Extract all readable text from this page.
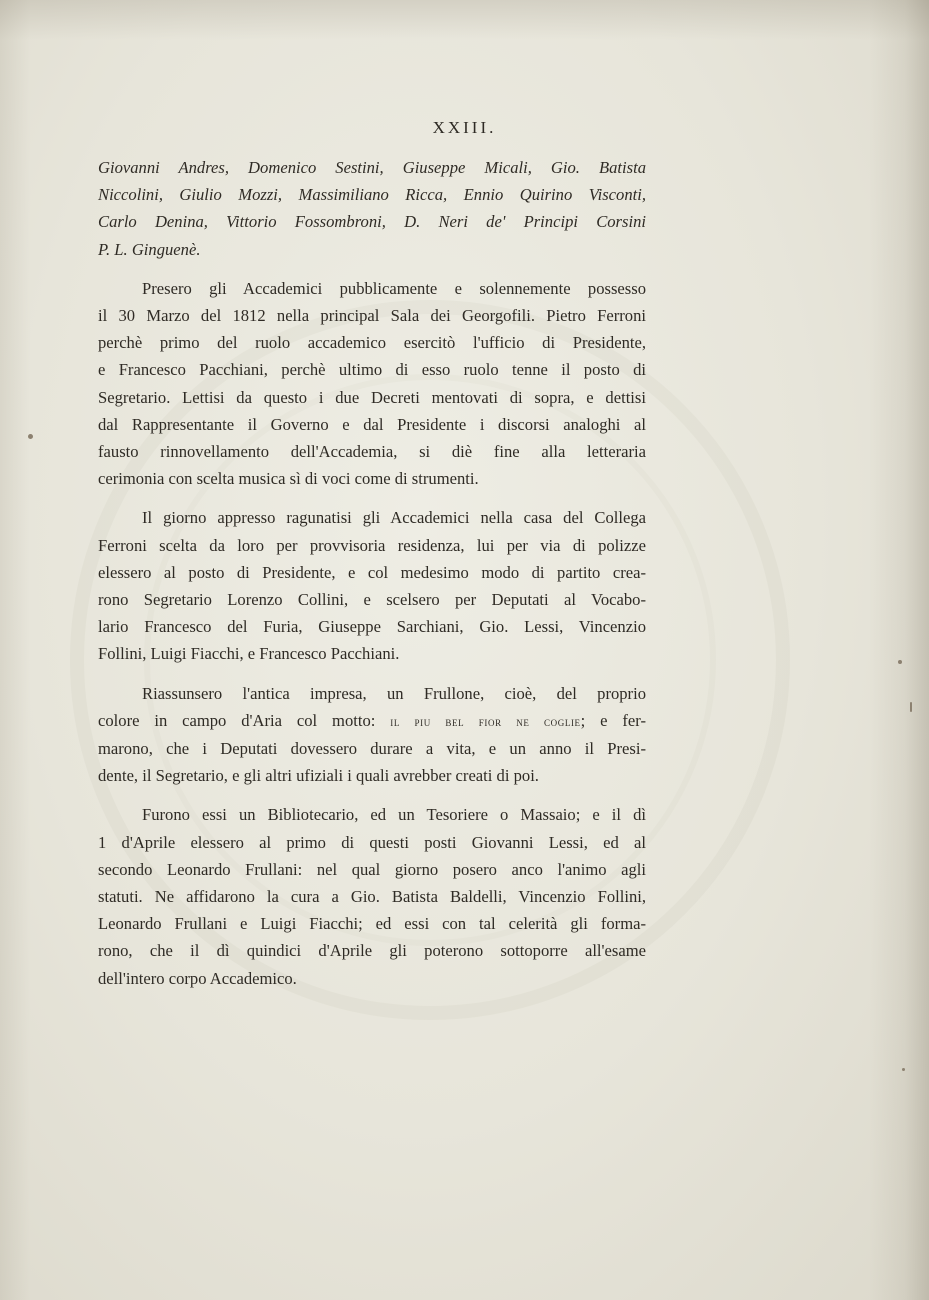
XXIII.
Giovanni Andres, Domenico Sestini, Giuseppe Micali, Gio. Batista
Niccolini, Giulio Mozzi, Massimiliano Ricca, Ennio Quirino Visconti,
Carlo Denina, Vittorio Fossombroni, D. Neri de' Principi Corsini
P. L. Ginguenè.
Presero gli Accademici pubblicamente e solennemente possesso
il 30 Marzo del 1812 nella principal Sala dei Georgofili. Pietro Ferroni
perchè primo del ruolo accademico esercitò l'ufficio di Presidente,
e Francesco Pacchiani, perchè ultimo di esso ruolo tenne il posto di
Segretario. Lettisi da questo i due Decreti mentovati di sopra, e dettisi
dal Rappresentante il Governo e dal Presidente i discorsi analoghi al
fausto rinnovellamento dell'Accademia, si diè fine alla letteraria
cerimonia con scelta musica sì di voci come di strumenti.
Il giorno appresso ragunatisi gli Accademici nella casa del Collega
Ferroni scelta da loro per provvisoria residenza, lui per via di polizze
elessero al posto di Presidente, e col medesimo modo di partito crea-
rono Segretario Lorenzo Collini, e scelsero per Deputati al Vocabo-
lario Francesco del Furia, Giuseppe Sarchiani, Gio. Lessi, Vincenzio
Follini, Luigi Fiacchi, e Francesco Pacchiani.
Riassunsero l'antica impresa, un Frullone, cioè, del proprio
colore in campo d'Aria col motto: il piu bel fior ne coglie; e fer-
marono, che i Deputati dovessero durare a vita, e un anno il Presi-
dente, il Segretario, e gli altri ufiziali i quali avrebber creati di poi.
Furono essi un Bibliotecario, ed un Tesoriere o Massaio; e il dì
1 d'Aprile elessero al primo di questi posti Giovanni Lessi, ed al
secondo Leonardo Frullani: nel qual giorno posero anco l'animo agli
statuti. Ne affidarono la cura a Gio. Batista Baldelli, Vincenzio Follini,
Leonardo Frullani e Luigi Fiacchi; ed essi con tal celerità gli forma-
rono, che il dì quindici d'Aprile gli poterono sottoporre all'esame
dell'intero corpo Accademico.
